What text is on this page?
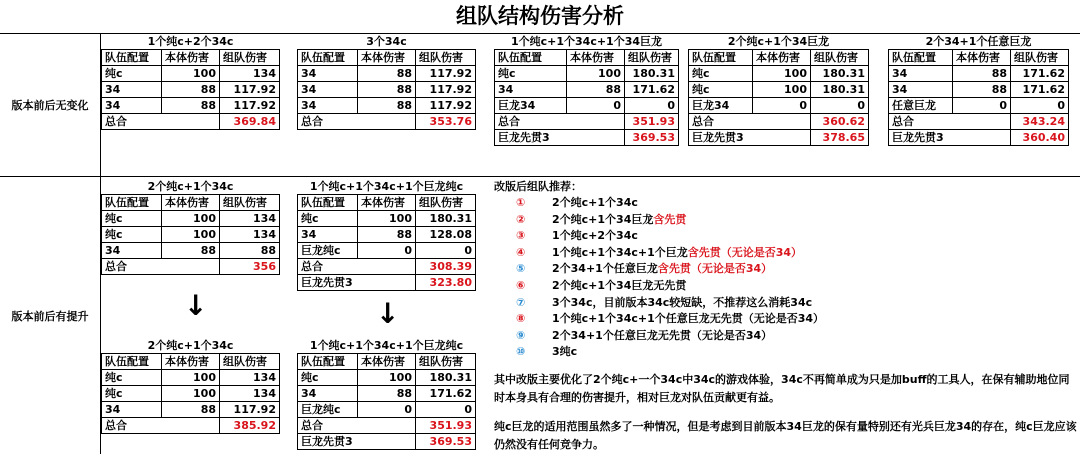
组队结构伤害分析
版本前后无变化
版本前后有提升
1个纯c+2个34c		
队伍配置	本体伤害	组队伤害
纯c	100	134
34	88	117.92
34	88	117.92
总合		369.84
3个34c		
队伍配置	本体伤害	组队伤害
34	88	117.92
34	88	117.92
34	88	117.92
总合		353.76
1个纯c+1个34c+1个34巨龙		
队伍配置	本体伤害	组队伤害
纯c	100	180.31
34	88	171.62
巨龙34	0	0
总合		351.93
巨龙先贯3		369.53
2个纯c+1个34巨龙		
队伍配置	本体伤害	组队伤害
纯c	100	180.31
纯c	100	180.31
巨龙34	0	0
总合		360.62
巨龙先贯3		378.65
2个34+1个任意巨龙		
队伍配置	本体伤害	组队伤害
34	88	171.62
34	88	171.62
任意巨龙	0	0
总合		343.24
巨龙先贯3		360.40
2个纯c+1个34c		
队伍配置	本体伤害	组队伤害
纯c	100	134
纯c	100	134
34	88	88
总合		356
1个纯c+1个34c+1个巨龙纯c		
队伍配置	本体伤害	组队伤害
纯c	100	180.31
34	88	128.08
巨龙纯c	0	0
总合		308.39
巨龙先贯3		323.80
2个纯c+1个34c		
队伍配置	本体伤害	组队伤害
纯c	100	134
纯c	100	134
34	88	117.92
总合		385.92
1个纯c+1个34c+1个巨龙纯c		
队伍配置	本体伤害	组队伤害
纯c	100	180.31
34	88	171.62
巨龙纯c	0	0
总合		351.93
巨龙先贯3		369.53
↓	↓
改版后组队推荐：
① 2个纯c+1个34c
② 2个纯c+1个34巨龙含先贯
③ 1个纯c+2个34c
④ 1个纯c+1个34c+1个巨龙含先贯（无论是否34）
⑤ 2个34+1个任意巨龙含先贯（无论是否34）
⑥ 2个纯c+1个34巨龙无先贯
⑦ 3个34c，目前版本34c较短缺，不推荐这么消耗34c
⑧ 1个纯c+1个34c+1个任意巨龙无先贯（无论是否34）
⑨ 2个34+1个任意巨龙无先贯（无论是否34）
⑩ 3纯c
其中改版主要优化了2个纯c+一个34c中34c的游戏体验，34c不再简单成为只是加buff的工具人，在保有辅助地位同时本身具有合理的伤害提升，相对巨龙对队伍贡献更有益。
纯c巨龙的适用范围虽然多了一种情况，但是考虑到目前版本34巨龙的保有量特别还有光兵巨龙34的存在，纯c巨龙应该仍然没有任何竞争力。
